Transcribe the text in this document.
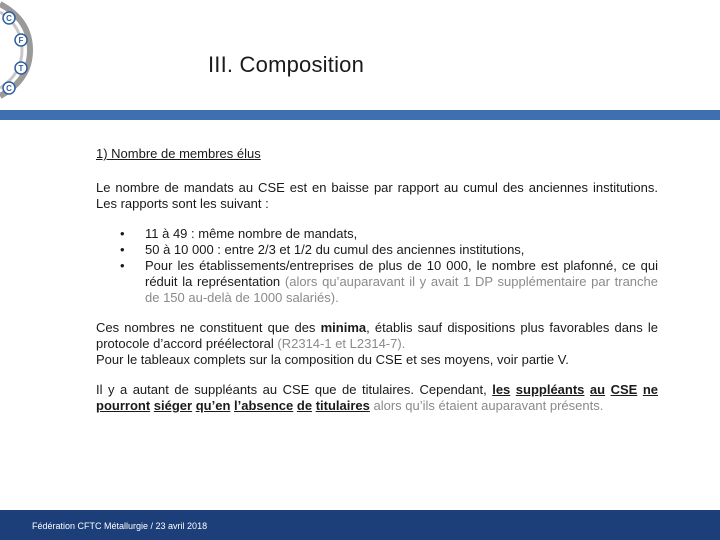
C
F
T
C
III. Composition
1) Nombre de membres élus

Le nombre de mandats au CSE est en baisse par rapport au cumul des anciennes institutions. Les rapports sont les suivant :

• 11 à 49 : même nombre de mandats,
• 50 à 10 000 : entre 2/3 et 1/2 du cumul des anciennes institutions,
• Pour les établissements/entreprises de plus de 10 000, le nombre est plafonné, ce qui réduit la représentation (alors qu’auparavant il y avait 1 DP supplémentaire par tranche de 150 au-delà de 1000 salariés).

Ces nombres ne constituent que des minima, établis sauf dispositions plus favorables dans le protocole d’accord préélectoral (R2314-1 et L2314-7).

Pour le tableaux complets sur la composition du CSE et ses moyens, voir partie V.

Il y a autant de suppléants au CSE que de titulaires. Cependant, les suppléants au CSE ne pourront siéger qu’en l’absence de titulaires alors qu’ils étaient auparavant présents.

Fédération CFTC Métallurgie / 23 avril 2018
